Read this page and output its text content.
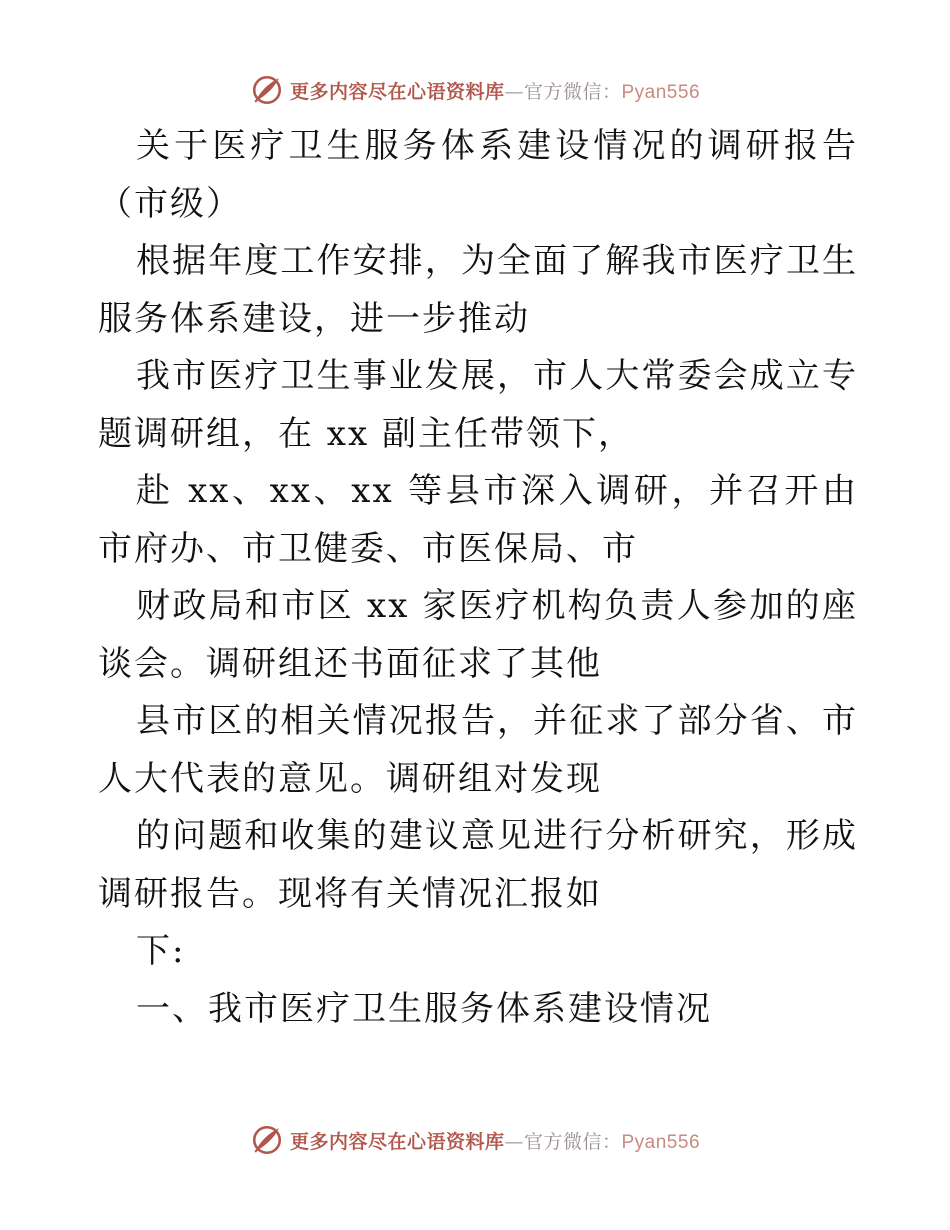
更多内容尽在心语资料库—官方微信：Pyan556

关于医疗卫生服务体系建设情况的调研报告（市级）

根据年度工作安排，为全面了解我市医疗卫生服务体系建设，进一步推动

我市医疗卫生事业发展，市人大常委会成立专题调研组，在 xx 副主任带领下，

赴 xx、xx、xx 等县市深入调研，并召开由市府办、市卫健委、市医保局、市

财政局和市区 xx 家医疗机构负责人参加的座谈会。调研组还书面征求了其他

县市区的相关情况报告，并征求了部分省、市人大代表的意见。调研组对发现

的问题和收集的建议意见进行分析研究，形成调研报告。现将有关情况汇报如

下:

一、我市医疗卫生服务体系建设情况

更多内容尽在心语资料库—官方微信：Pyan556
